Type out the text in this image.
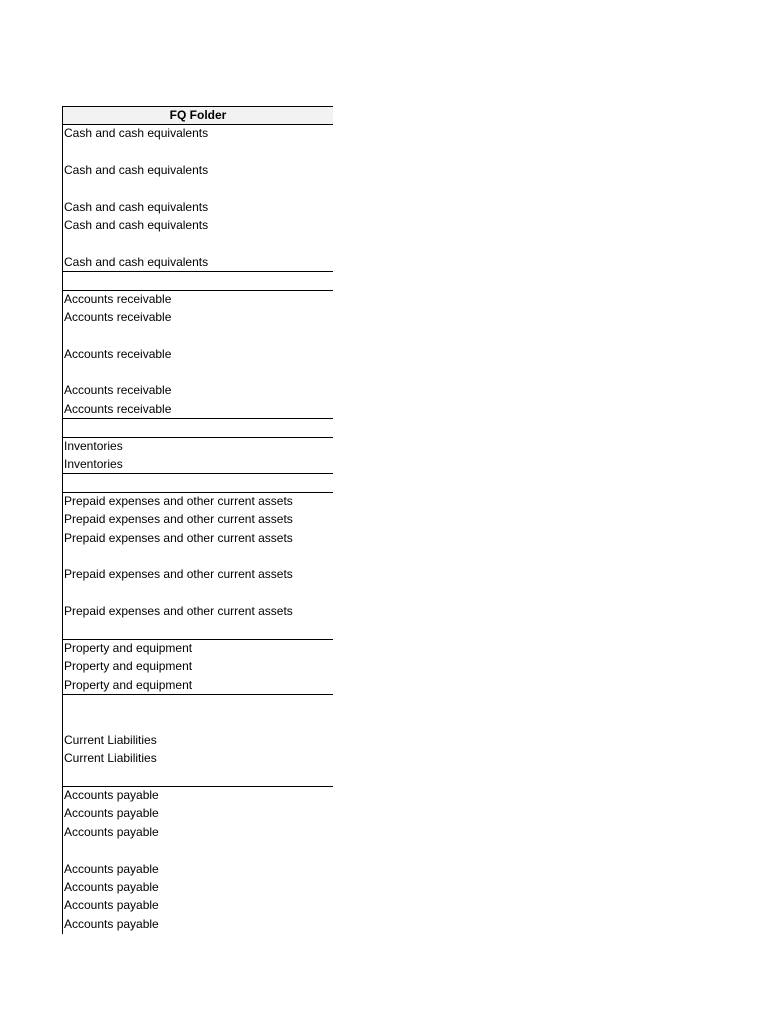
FQ Folder
Cash and cash equivalents
Cash and cash equivalents
Cash and cash equivalents
Cash and cash equivalents
Cash and cash equivalents
Accounts receivable
Accounts receivable
Accounts receivable
Accounts receivable
Accounts receivable
Inventories
Inventories
Prepaid expenses and other current assets
Prepaid expenses and other current assets
Prepaid expenses and other current assets
Prepaid expenses and other current assets
Prepaid expenses and other current assets
Property and equipment
Property and equipment
Property and equipment
Current Liabilities
Current Liabilities
Accounts payable
Accounts payable
Accounts payable
Accounts payable
Accounts payable
Accounts payable
Accounts payable
